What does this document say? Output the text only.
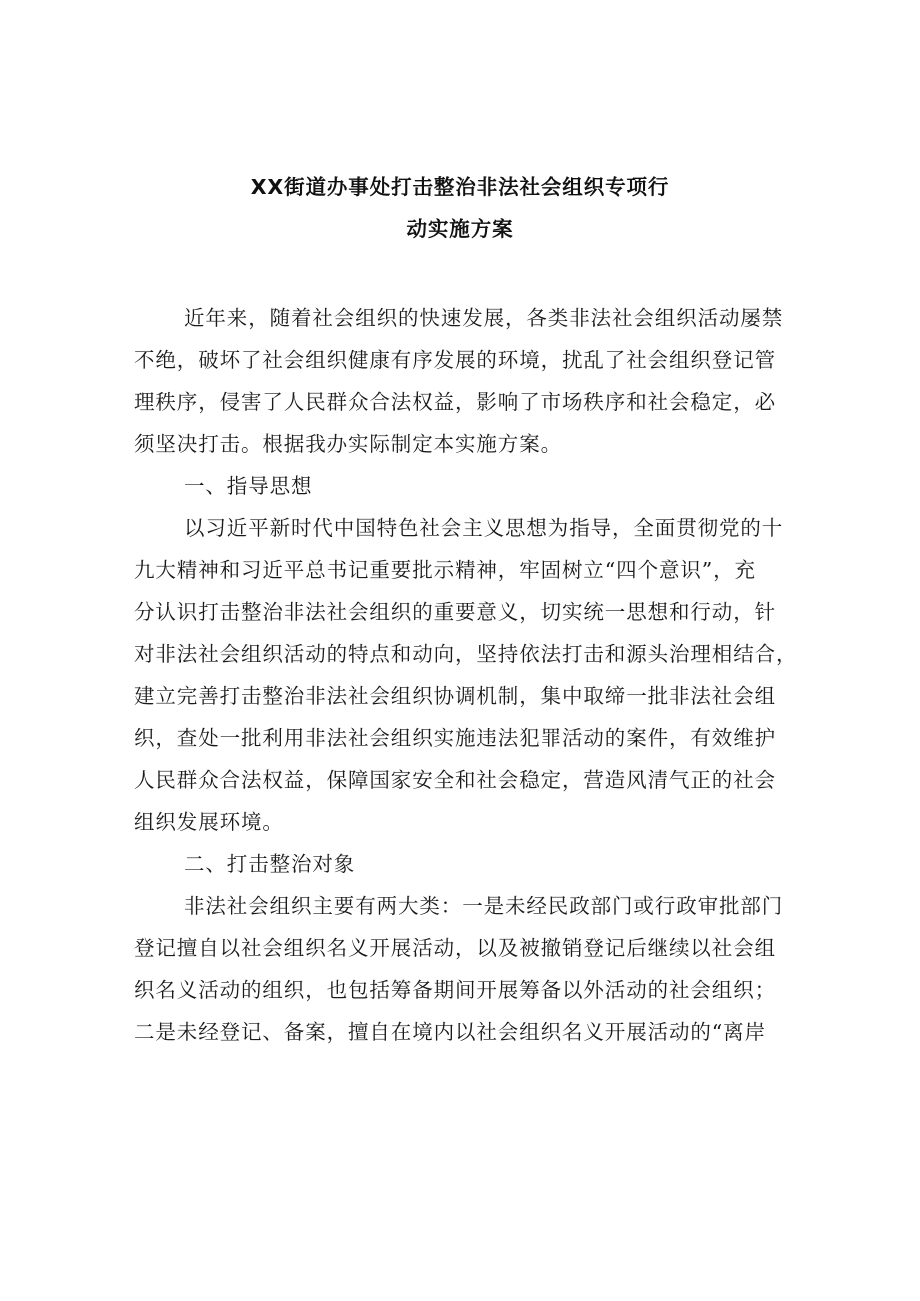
XX街道办事处打击整治非法社会组织专项行
动实施方案

近年来，随着社会组织的快速发展，各类非法社会组织活动屡禁
不绝，破坏了社会组织健康有序发展的环境，扰乱了社会组织登记管
理秩序，侵害了人民群众合法权益，影响了市场秩序和社会稳定，必
须坚决打击。根据我办实际制定本实施方案。

一、指导思想

以习近平新时代中国特色社会主义思想为指导，全面贯彻党的十
九大精神和习近平总书记重要批示精神，牢固树立“四个意识”，充
分认识打击整治非法社会组织的重要意义，切实统一思想和行动，针
对非法社会组织活动的特点和动向，坚持依法打击和源头治理相结合，
建立完善打击整治非法社会组织协调机制，集中取缔一批非法社会组
织，查处一批利用非法社会组织实施违法犯罪活动的案件，有效维护
人民群众合法权益，保障国家安全和社会稳定，营造风清气正的社会
组织发展环境。

二、打击整治对象

非法社会组织主要有两大类：一是未经民政部门或行政审批部门
登记擅自以社会组织名义开展活动，以及被撤销登记后继续以社会组
织名义活动的组织，也包括筹备期间开展筹备以外活动的社会组织；
二是未经登记、备案，擅自在境内以社会组织名义开展活动的“离岸
